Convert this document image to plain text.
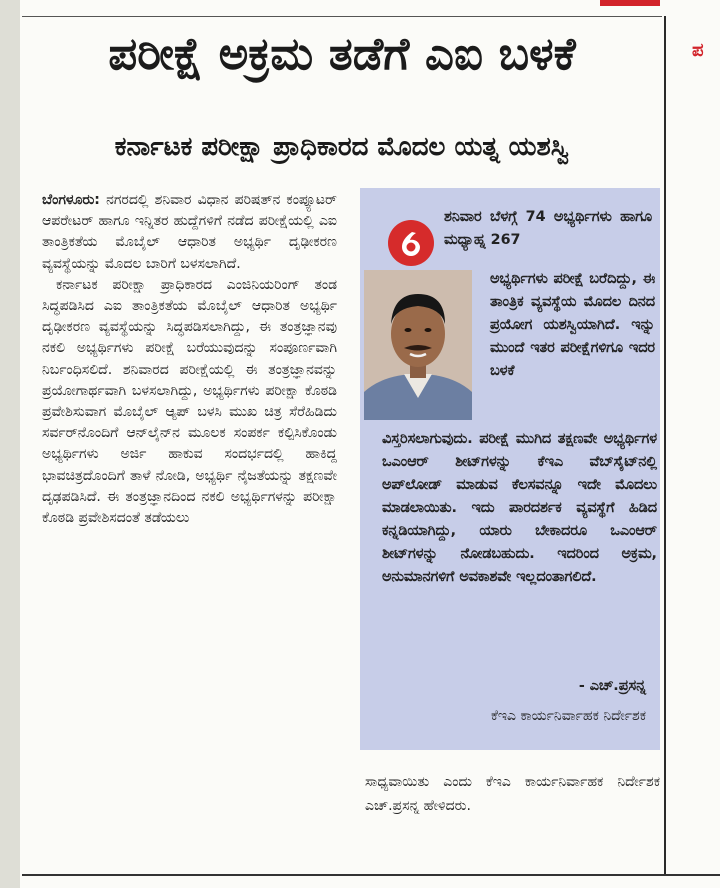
ಪರೀಕ್ಷೆ ಅಕ್ರಮ ತಡೆಗೆ ಎಐ ಬಳಕೆ
ಕರ್ನಾಟಕ ಪರೀಕ್ಷಾ ಪ್ರಾಧಿಕಾರದ ಮೊದಲ ಯತ್ನ ಯಶಸ್ವಿ

ಬೆಂಗಳೂರು: ನಗರದಲ್ಲಿ ಶನಿವಾರ ವಿಧಾನ ಪರಿಷತ್‌ನ ಕಂಪ್ಯೂಟರ್ ಆಪರೇಟರ್ ಹಾಗೂ ಇನ್ನಿತರ ಹುದ್ದೆಗಳಿಗೆ ನಡೆದ ಪರೀಕ್ಷೆಯಲ್ಲಿ ಎಐ ತಾಂತ್ರಿಕತೆಯ ಮೊಬೈಲ್ ಆಧಾರಿತ ಅಭ್ಯರ್ಥಿ ದೃಢೀಕರಣ ವ್ಯವಸ್ಥೆಯನ್ನು ಮೊದಲ ಬಾರಿಗೆ ಬಳಸಲಾಗಿದೆ.

ಕರ್ನಾಟಕ ಪರೀಕ್ಷಾ ಪ್ರಾಧಿಕಾರದ ಎಂಜಿನಿಯರಿಂಗ್ ತಂಡ ಸಿದ್ಧಪಡಿಸಿದ ಎಐ ತಾಂತ್ರಿಕತೆಯ ಮೊಬೈಲ್ ಆಧಾರಿತ ಅಭ್ಯರ್ಥಿ ದೃಢೀಕರಣ ವ್ಯವಸ್ಥೆಯನ್ನು ಸಿದ್ಧಪಡಿಸಲಾಗಿದ್ದು, ಈ ತಂತ್ರಜ್ಞಾನವು ನಕಲಿ ಅಭ್ಯರ್ಥಿಗಳು ಪರೀಕ್ಷೆ ಬರೆಯುವುದನ್ನು ಸಂಪೂರ್ಣವಾಗಿ ನಿರ್ಬಂಧಿಸಲಿದೆ. ಶನಿವಾರದ ಪರೀಕ್ಷೆಯಲ್ಲಿ ಈ ತಂತ್ರಜ್ಞಾನವನ್ನು ಪ್ರಯೋಗಾರ್ಥವಾಗಿ ಬಳಸಲಾಗಿದ್ದು, ಅಭ್ಯರ್ಥಿಗಳು ಪರೀಕ್ಷಾ ಕೊಠಡಿ ಪ್ರವೇಶಿಸುವಾಗ ಮೊಬೈಲ್ ಆ್ಯಪ್ ಬಳಸಿ ಮುಖ ಚಿತ್ರ ಸೆರೆಹಿಡಿದು ಸರ್ವರ್‌ನೊಂದಿಗೆ ಆನ್‌ಲೈನ್‌ನ ಮೂಲಕ ಸಂಪರ್ಕ ಕಲ್ಪಿಸಿಕೊಂಡು ಅಭ್ಯರ್ಥಿಗಳು ಅರ್ಜಿ ಹಾಕುವ ಸಂದರ್ಭದಲ್ಲಿ ಹಾಕಿದ್ದ ಭಾವಚಿತ್ರದೊಂದಿಗೆ ತಾಳೆ ನೋಡಿ, ಅಭ್ಯರ್ಥಿ ನೈಜತೆಯನ್ನು ತಕ್ಷಣವೇ ದೃಢಪಡಿಸಿದೆ. ಈ ತಂತ್ರಜ್ಞಾನದಿಂದ ನಕಲಿ ಅಭ್ಯರ್ಥಿಗಳನ್ನು ಪರೀಕ್ಷಾ ಕೊಠಡಿ ಪ್ರವೇಶಿಸದಂತೆ ತಡೆಯಲು

ಶನಿವಾರ ಬೆಳಗ್ಗೆ 74 ಅಭ್ಯರ್ಥಿಗಳು ಹಾಗೂ ಮಧ್ಯಾಹ್ನ 267
ಅಭ್ಯರ್ಥಿಗಳು ಪರೀಕ್ಷೆ ಬರೆದಿದ್ದು, ಈ ತಾಂತ್ರಿಕ ವ್ಯವಸ್ಥೆಯ ಮೊದಲ ದಿನದ ಪ್ರಯೋಗ ಯಶಸ್ವಿಯಾಗಿದೆ. ಇನ್ನು ಮುಂದೆ ಇತರ ಪರೀಕ್ಷೆಗಳಿಗೂ ಇದರ ಬಳಕೆ
ವಿಸ್ತರಿಸಲಾಗುವುದು. ಪರೀಕ್ಷೆ ಮುಗಿದ ತಕ್ಷಣವೇ ಅಭ್ಯರ್ಥಿಗಳ ಒಎಂಆರ್ ಶೀಟ್‌ಗಳನ್ನು ಕೆಇಎ ವೆಬ್‌ಸೈಟ್‌ನಲ್ಲಿ ಅಪ್‌ಲೋಡ್ ಮಾಡುವ ಕೆಲಸವನ್ನೂ ಇದೇ ಮೊದಲು ಮಾಡಲಾಯಿತು. ಇದು ಪಾರದರ್ಶಕ ವ್ಯವಸ್ಥೆಗೆ ಹಿಡಿದ ಕನ್ನಡಿಯಾಗಿದ್ದು, ಯಾರು ಬೇಕಾದರೂ ಒಎಂಆರ್ ಶೀಟ್‌ಗಳನ್ನು ನೋಡಬಹುದು. ಇದರಿಂದ ಅಕ್ರಮ, ಅನುಮಾನಗಳಿಗೆ ಅವಕಾಶವೇ ಇಲ್ಲದಂತಾಗಲಿದೆ.
- ಎಚ್.ಪ್ರಸನ್ನ
ಕೆಇಎ ಕಾರ್ಯನಿರ್ವಾಹಕ ನಿರ್ದೇಶಕ

ಸಾಧ್ಯವಾಯಿತು ಎಂದು ಕೆಇಎ ಕಾರ್ಯನಿರ್ವಾಹಕ ನಿರ್ದೇಶಕ ಎಚ್.ಪ್ರಸನ್ನ ಹೇಳಿದರು.

ಪ
